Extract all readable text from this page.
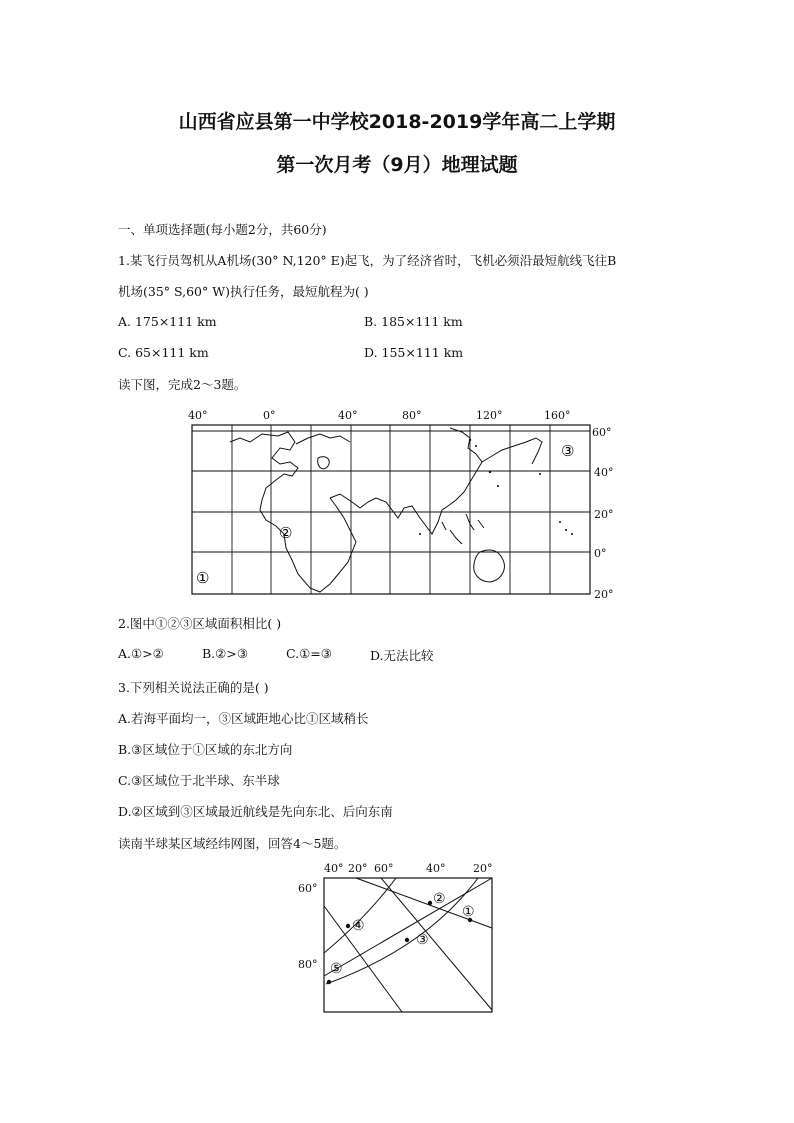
山西省应县第一中学校2018-2019学年高二上学期
第一次月考（9月）地理试题
一、单项选择题(每小题2分，共60分)
1.某飞行员驾机从A机场(30° N,120° E)起飞，为了经济省时，飞机必须沿最短航线飞往B
机场(35° S,60° W)执行任务，最短航程为( )
A. 175×111 km	B. 185×111 km
C. 65×111 km	D. 155×111 km
读下图，完成2～3题。
40°	0°	40°	80°	120°	160°
60°
40°
20°
0°
20°
①
②
③
2.图中①②③区域面积相比( )
A.①>②	B.②>③	C.①=③	D.无法比较
3.下列相关说法正确的是( )
A.若海平面均一，③区域距地心比①区域稍长
B.③区域位于①区域的东北方向
C.③区域位于北半球、东半球
D.②区域到③区域最近航线是先向东北、后向东南
读南半球某区域经纬网图，回答4～5题。
40° 20° 60°	40°	20°
60°
80°
①
②
③
④
⑤
